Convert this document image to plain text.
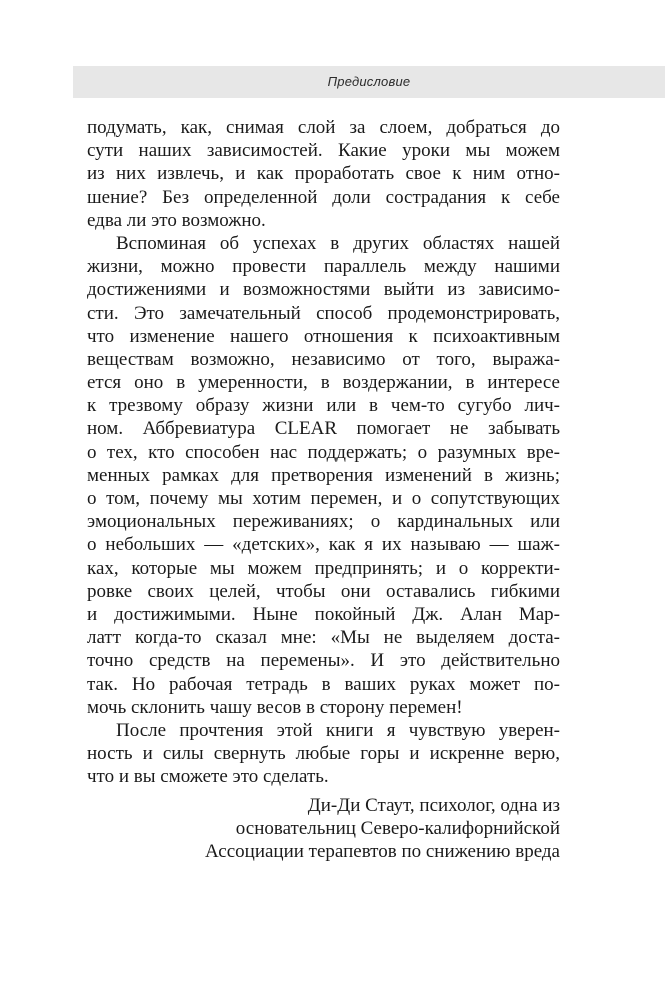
Предисловие
подумать, как, снимая слой за слоем, добраться до
сути наших зависимостей. Какие уроки мы можем
из них извлечь, и как проработать свое к ним отно-
шение? Без определенной доли сострадания к себе
едва ли это возможно.
Вспоминая об успехах в других областях нашей
жизни, можно провести параллель между нашими
достижениями и возможностями выйти из зависимо-
сти. Это замечательный способ продемонстрировать,
что изменение нашего отношения к психоактивным
веществам возможно, независимо от того, выража-
ется оно в умеренности, в воздержании, в интересе
к трезвому образу жизни или в чем-то сугубо лич-
ном. Аббревиатура CLEAR помогает не забывать
о тех, кто способен нас поддержать; о разумных вре-
менных рамках для претворения изменений в жизнь;
о том, почему мы хотим перемен, и о сопутствующих
эмоциональных переживаниях; о кардинальных или
о небольших — «детских», как я их называю — шаж-
ках, которые мы можем предпринять; и о корректи-
ровке своих целей, чтобы они оставались гибкими
и достижимыми. Ныне покойный Дж. Алан Мар-
латт когда-то сказал мне: «Мы не выделяем доста-
точно средств на перемены». И это действительно
так. Но рабочая тетрадь в ваших руках может по-
мочь склонить чашу весов в сторону перемен!
После прочтения этой книги я чувствую уверен-
ность и силы свернуть любые горы и искренне верю,
что и вы сможете это сделать.
Ди-Ди Стаут, психолог, одна из
основательниц Северо-калифорнийской
Ассоциации терапевтов по снижению вреда
